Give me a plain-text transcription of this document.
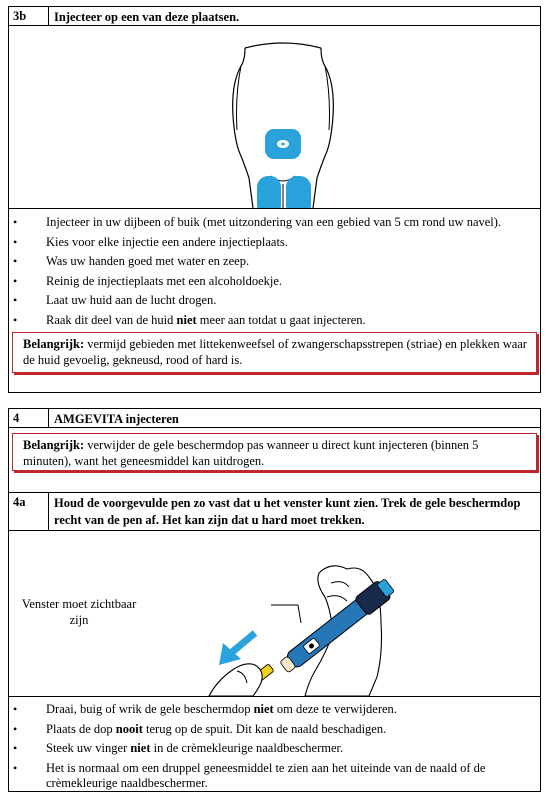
3b	Injecteer op een van deze plaatsen.
• Injecteer in uw dijbeen of buik (met uitzondering van een gebied van 5 cm rond uw navel).
• Kies voor elke injectie een andere injectieplaats.
• Was uw handen goed met water en zeep.
• Reinig de injectieplaats met een alcoholdoekje.
• Laat uw huid aan de lucht drogen.
• Raak dit deel van de huid niet meer aan totdat u gaat injecteren.
Belangrijk: vermijd gebieden met littekenweefsel of zwangerschapsstrepen (striae) en plekken waar de huid gevoelig, gekneusd, rood of hard is.
4	AMGEVITA injecteren
Belangrijk: verwijder de gele beschermdop pas wanneer u direct kunt injecteren (binnen 5 minuten), want het geneesmiddel kan uitdrogen.
4a	Houd de voorgevulde pen zo vast dat u het venster kunt zien. Trek de gele beschermdop recht van de pen af. Het kan zijn dat u hard moet trekken.
Venster moet zichtbaar zijn
• Draai, buig of wrik de gele beschermdop niet om deze te verwijderen.
• Plaats de dop nooit terug op de spuit. Dit kan de naald beschadigen.
• Steek uw vinger niet in de crèmekleurige naaldbeschermer.
• Het is normaal om een druppel geneesmiddel te zien aan het uiteinde van de naald of de crèmekleurige naaldbeschermer.
